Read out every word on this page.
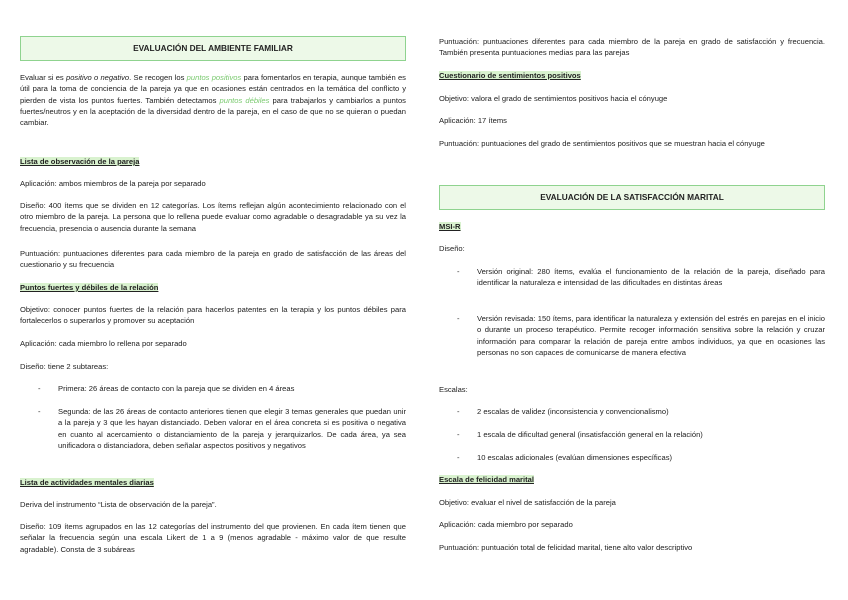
EVALUACIÓN DEL AMBIENTE FAMILIAR

Evaluar si es positivo o negativo. Se recogen los puntos positivos para fomentarlos en terapia, aunque también es útil para la toma de conciencia de la pareja ya que en ocasiones están centrados en la temática del conflicto y pierden de vista los puntos fuertes. También detectamos puntos débiles para trabajarlos y cambiarlos a puntos fuertes/neutros y en la aceptación de la diversidad dentro de la pareja, en el caso de que no se quieran o puedan cambiar.

Lista de observación de la pareja

Aplicación: ambos miembros de la pareja por separado

Diseño: 400 ítems que se dividen en 12 categorías. Los ítems reflejan algún acontecimiento relacionado con el otro miembro de la pareja. La persona que lo rellena puede evaluar como agradable o desagradable ya su vez la frecuencia, presencia o ausencia durante la semana

Puntuación: puntuaciones diferentes para cada miembro de la pareja en grado de satisfacción de las áreas del cuestionario y su frecuencia

Puntos fuertes y débiles de la relación

Objetivo: conocer puntos fuertes de la relación para hacerlos patentes en la terapia y los puntos débiles para fortalecerlos o superarlos y promover su aceptación

Aplicación: cada miembro lo rellena por separado

Diseño: tiene 2 subtareas:

- Primera: 26 áreas de contacto con la pareja que se dividen en 4 áreas

- Segunda: de las 26 áreas de contacto anteriores tienen que elegir 3 temas generales que puedan unir a la pareja y 3 que les hayan distanciado. Deben valorar en el área concreta si es positiva o negativa en cuanto al acercamiento o distanciamiento de la pareja y jerarquizarlos. De cada área, ya sea unificadora o distanciadora, deben señalar aspectos positivos y negativos

Lista de actividades mentales diarias

Deriva del instrumento “Lista de observación de la pareja”.

Diseño: 109 ítems agrupados en las 12 categorías del instrumento del que provienen. En cada ítem tienen que señalar la frecuencia según una escala Likert de 1 a 9 (menos agradable - máximo valor de que resulte agradable). Consta de 3 subáreas

Puntuación: puntuaciones diferentes para cada miembro de la pareja en grado de satisfacción y frecuencia. También presenta puntuaciones medias para las parejas

Cuestionario de sentimientos positivos

Objetivo: valora el grado de sentimientos positivos hacia el cónyuge

Aplicación: 17 ítems

Puntuación: puntuaciones del grado de sentimientos positivos que se muestran hacia el cónyuge

EVALUACIÓN DE LA SATISFACCIÓN MARITAL
MSI-R

Diseño:

- Versión original: 280 ítems, evalúa el funcionamiento de la relación de la pareja, diseñado para identificar la naturaleza e intensidad de las dificultades en distintas áreas

- Versión revisada: 150 ítems, para identificar la naturaleza y extensión del estrés en parejas en el inicio o durante un proceso terapéutico. Permite recoger información sensitiva sobre la relación y cruzar información para comparar la relación de pareja entre ambos individuos, ya que en ocasiones las personas no son capaces de comunicarse de manera efectiva

Escalas:

- 2 escalas de validez (inconsistencia y convencionalismo)

- 1 escala de dificultad general (insatisfacción general en la relación)

- 10 escalas adicionales (evalúan dimensiones específicas)

Escala de felicidad marital

Objetivo: evaluar el nivel de satisfacción de la pareja

Aplicación: cada miembro por separado

Puntuación: puntuación total de felicidad marital, tiene alto valor descriptivo
